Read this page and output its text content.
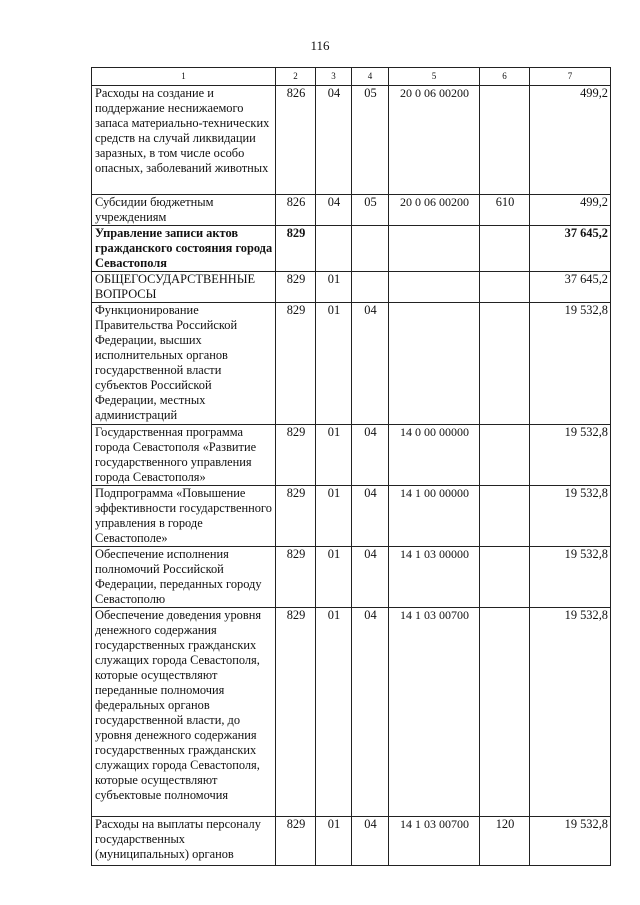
116
1	2	3	4	5	6	7
Расходы на создание и поддержание неснижаемого запаса материально-технических средств на случай ликвидации заразных, в том числе особо опасных, заболеваний животных	826	04	05	20 0 06 00200		499,2
Субсидии бюджетным учреждениям	826	04	05	20 0 06 00200	610	499,2
Управление записи актов гражданского состояния города Севастополя	829					37 645,2
ОБЩЕГОСУДАРСТВЕННЫЕ ВОПРОСЫ	829	01				37 645,2
Функционирование Правительства Российской Федерации, высших исполнительных органов государственной власти субъектов Российской Федерации, местных администраций	829	01	04			19 532,8
Государственная программа города Севастополя «Развитие государственного управления города Севастополя»	829	01	04	14 0 00 00000		19 532,8
Подпрограмма «Повышение эффективности государственного управления в городе Севастополе»	829	01	04	14 1 00 00000		19 532,8
Обеспечение исполнения полномочий Российской Федерации, переданных городу Севастополю	829	01	04	14 1 03 00000		19 532,8
Обеспечение доведения уровня денежного содержания государственных гражданских служащих города Севастополя, которые осуществляют переданные полномочия федеральных органов государственной власти, до уровня денежного содержания государственных гражданских служащих города Севастополя, которые осуществляют субъектовые полномочия	829	01	04	14 1 03 00700		19 532,8
Расходы на выплаты персоналу государственных (муниципальных) органов	829	01	04	14 1 03 00700	120	19 532,8
